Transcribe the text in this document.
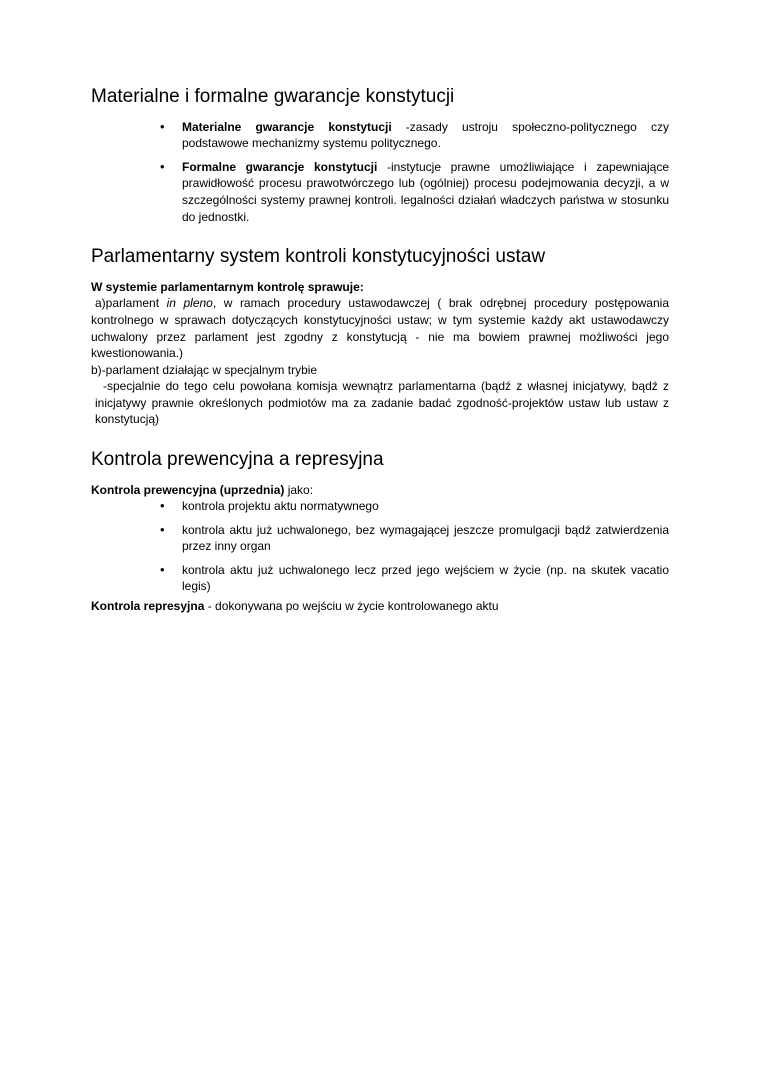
Materialne i formalne gwarancje konstytucji
• Materialne gwarancje konstytucji -zasady ustroju społeczno-politycznego czy podstawowe mechanizmy systemu politycznego.
• Formalne gwarancje konstytucji -instytucje prawne umożliwiające i zapewniające prawidłowość procesu prawotwórczego lub (ogólniej) procesu podejmowania decyzji, a w szczególności systemy prawnej kontroli. legalności działań władczych państwa w stosunku do jednostki.
Parlamentarny system kontroli konstytucyjności ustaw

W systemie parlamentarnym kontrolę sprawuje:

a)parlament in pleno, w ramach procedury ustawodawczej ( brak odrębnej procedury postępowania kontrolnego w sprawach dotyczących konstytucyjności ustaw; w tym systemie każdy akt ustawodawczy uchwalony przez parlament jest zgodny z konstytucją - nie ma bowiem prawnej możliwości jego kwestionowania.)

b)-parlament działając w specjalnym trybie

-specjalnie do tego celu powołana komisja wewnątrz parlamentarna (bądź z własnej inicjatywy, bądź z inicjatywy prawnie określonych podmiotów ma za zadanie badać zgodność-projektów ustaw lub ustaw z konstytucją)

Kontrola prewencyjna a represyjna

Kontrola prewencyjna (uprzednia) jako:

• kontrola projektu aktu normatywnego
• kontrola aktu już uchwalonego, bez wymagającej jeszcze promulgacji bądź zatwierdzenia przez inny organ
• kontrola aktu już uchwalonego lecz przed jego wejściem w życie (np. na skutek vacatio legis)

Kontrola represyjna - dokonywana po wejściu w życie kontrolowanego aktu
